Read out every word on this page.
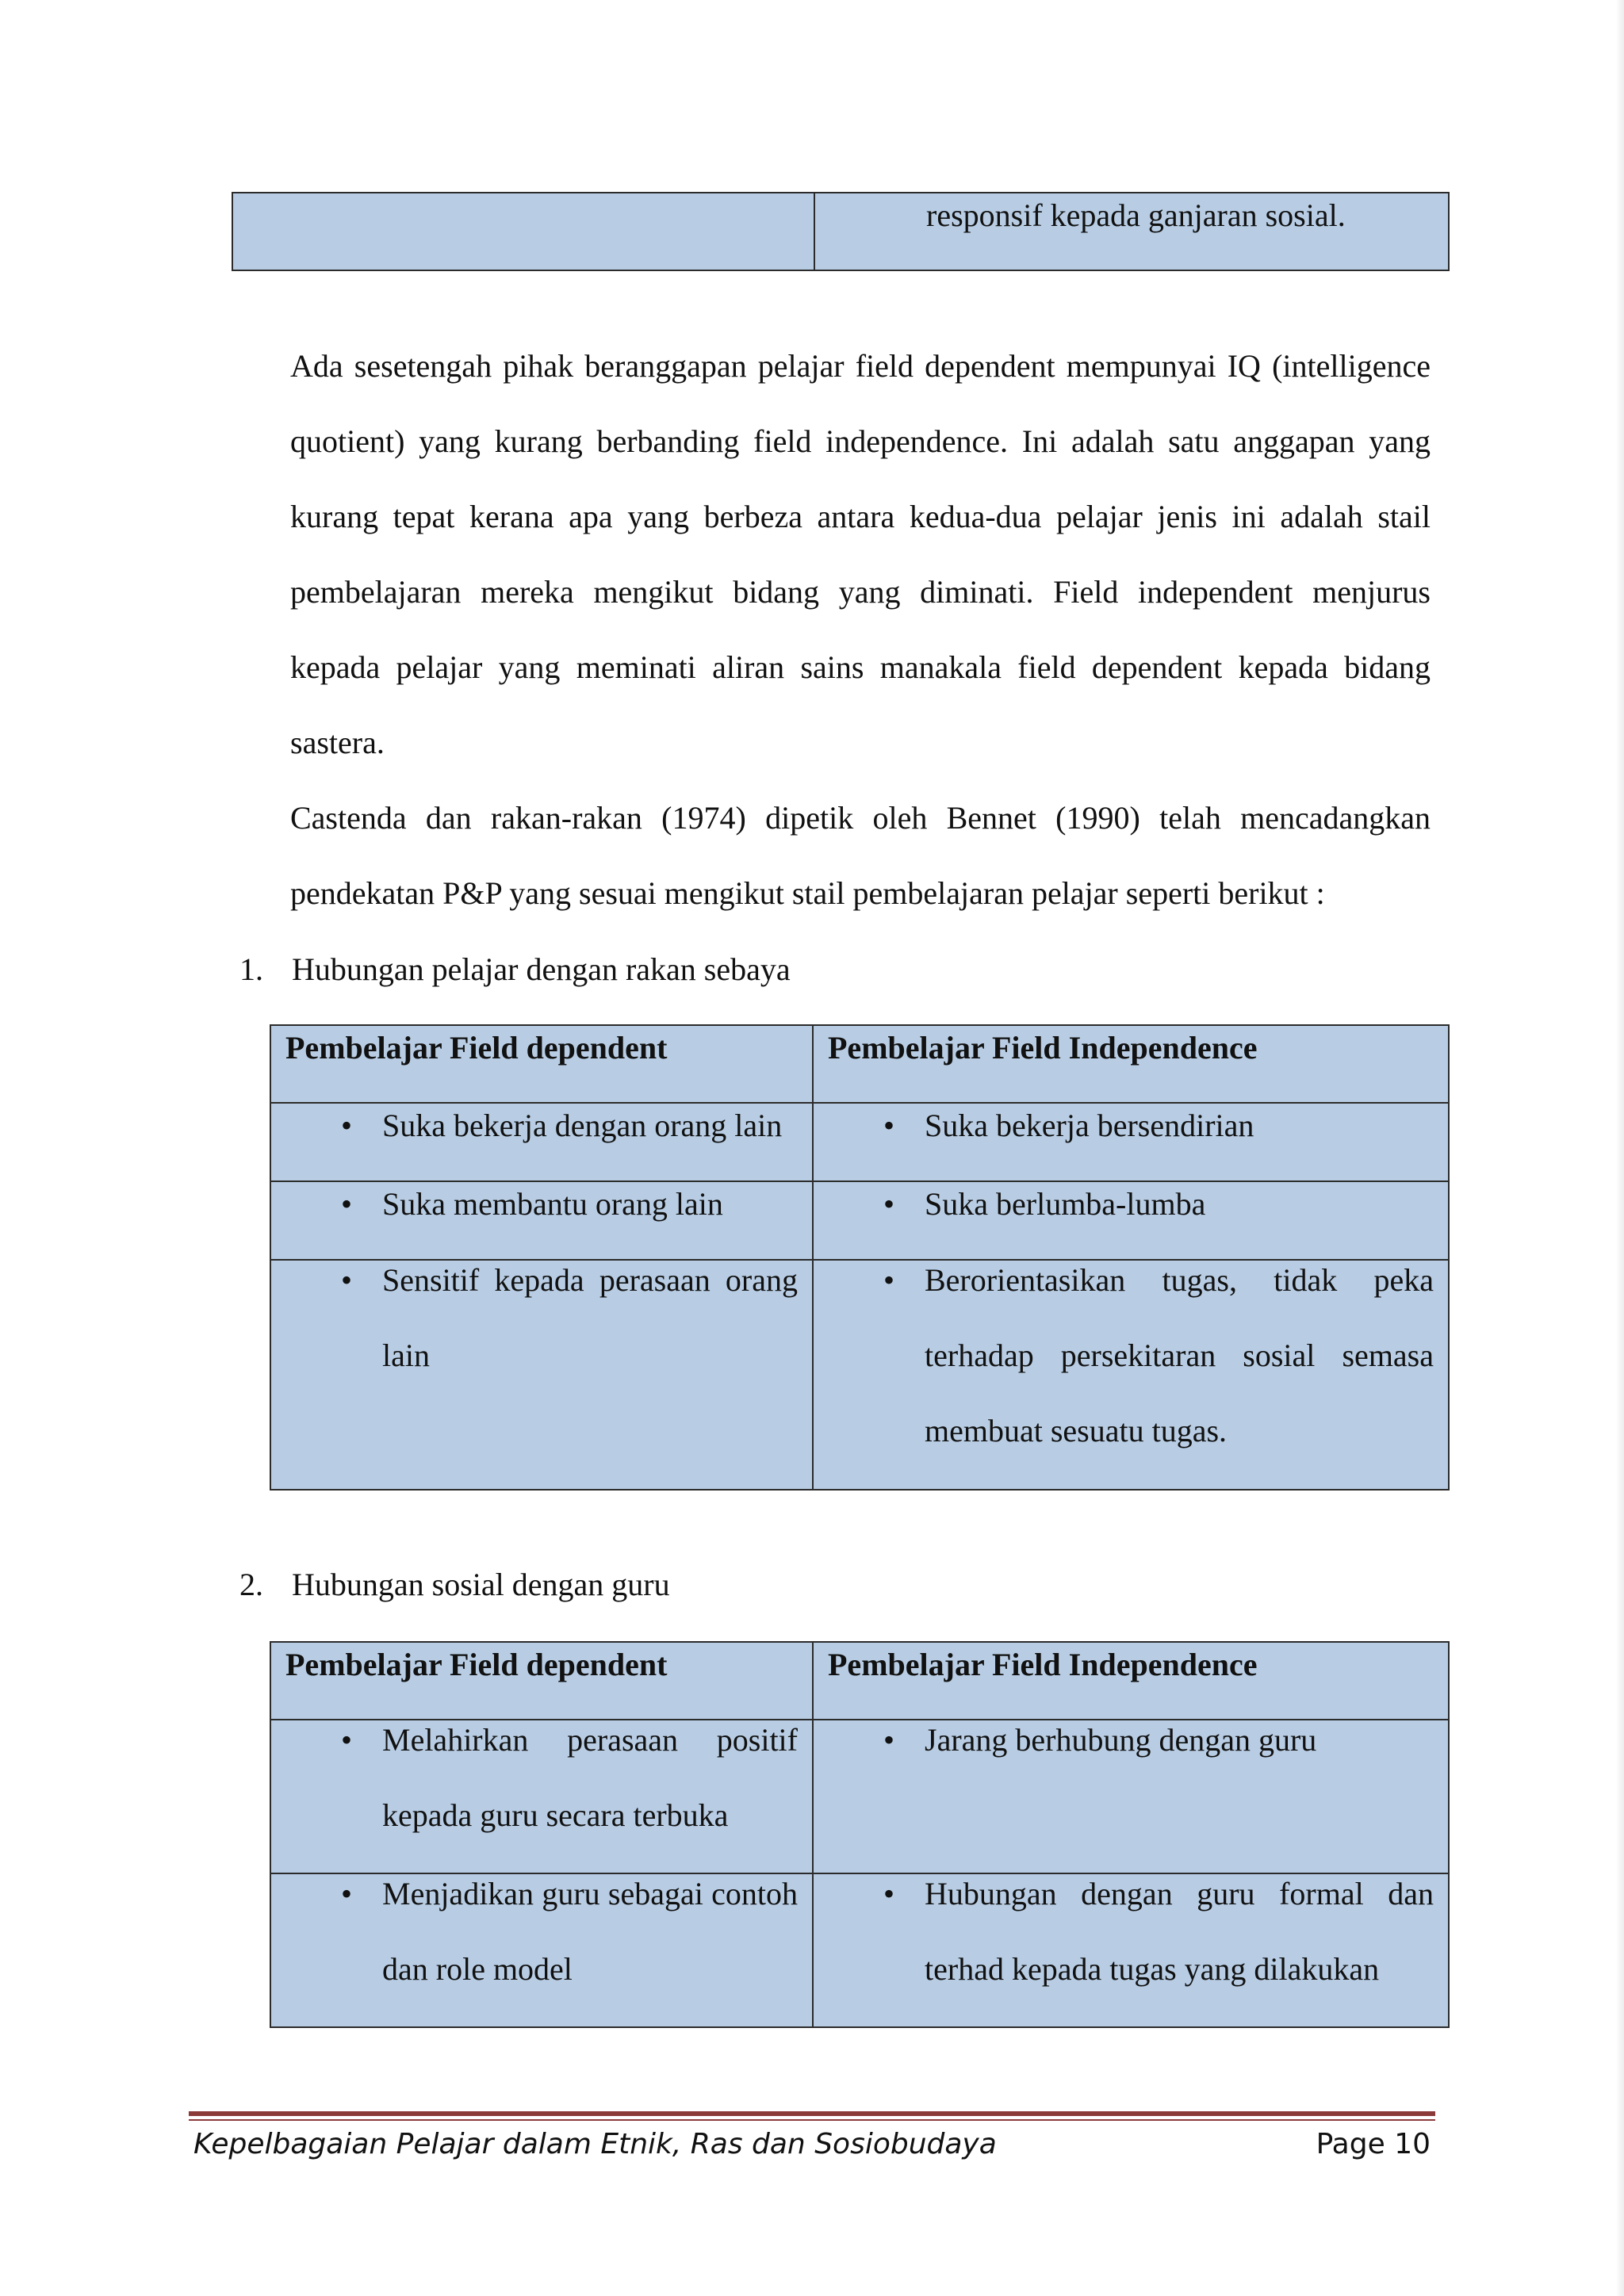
	responsif kepada ganjaran sosial.

Ada sesetengah pihak beranggapan pelajar field dependent mempunyai IQ (intelligence quotient) yang kurang berbanding field independence. Ini adalah satu anggapan yang kurang tepat kerana apa yang berbeza antara kedua-dua pelajar jenis ini adalah stail pembelajaran mereka mengikut bidang yang diminati. Field independent menjurus kepada pelajar yang meminati aliran sains manakala field dependent kepada bidang sastera.

Castenda dan rakan-rakan (1974) dipetik oleh Bennet (1990) telah mencadangkan pendekatan P&P yang sesuai mengikut stail pembelajaran pelajar seperti berikut :

1. Hubungan pelajar dengan rakan sebaya
Pembelajar Field dependent	Pembelajar Field Independence

• Suka bekerja dengan orang lain	• Suka bekerja bersendirian

• Suka membantu orang lain	• Suka berlumba-lumba

• Sensitif kepada perasaan orang lain	• Berorientasikan tugas, tidak peka terhadap persekitaran sosial semasa membuat sesuatu tugas.
2. Hubungan sosial dengan guru
Pembelajar Field dependent	Pembelajar Field Independence

• Melahirkan perasaan positif kepada guru secara terbuka	• Jarang berhubung dengan guru

• Menjadikan guru sebagai contoh dan role model	• Hubungan dengan guru formal dan terhad kepada tugas yang dilakukan
Kepelbagaian Pelajar dalam Etnik, Ras dan Sosiobudaya	Page 10
